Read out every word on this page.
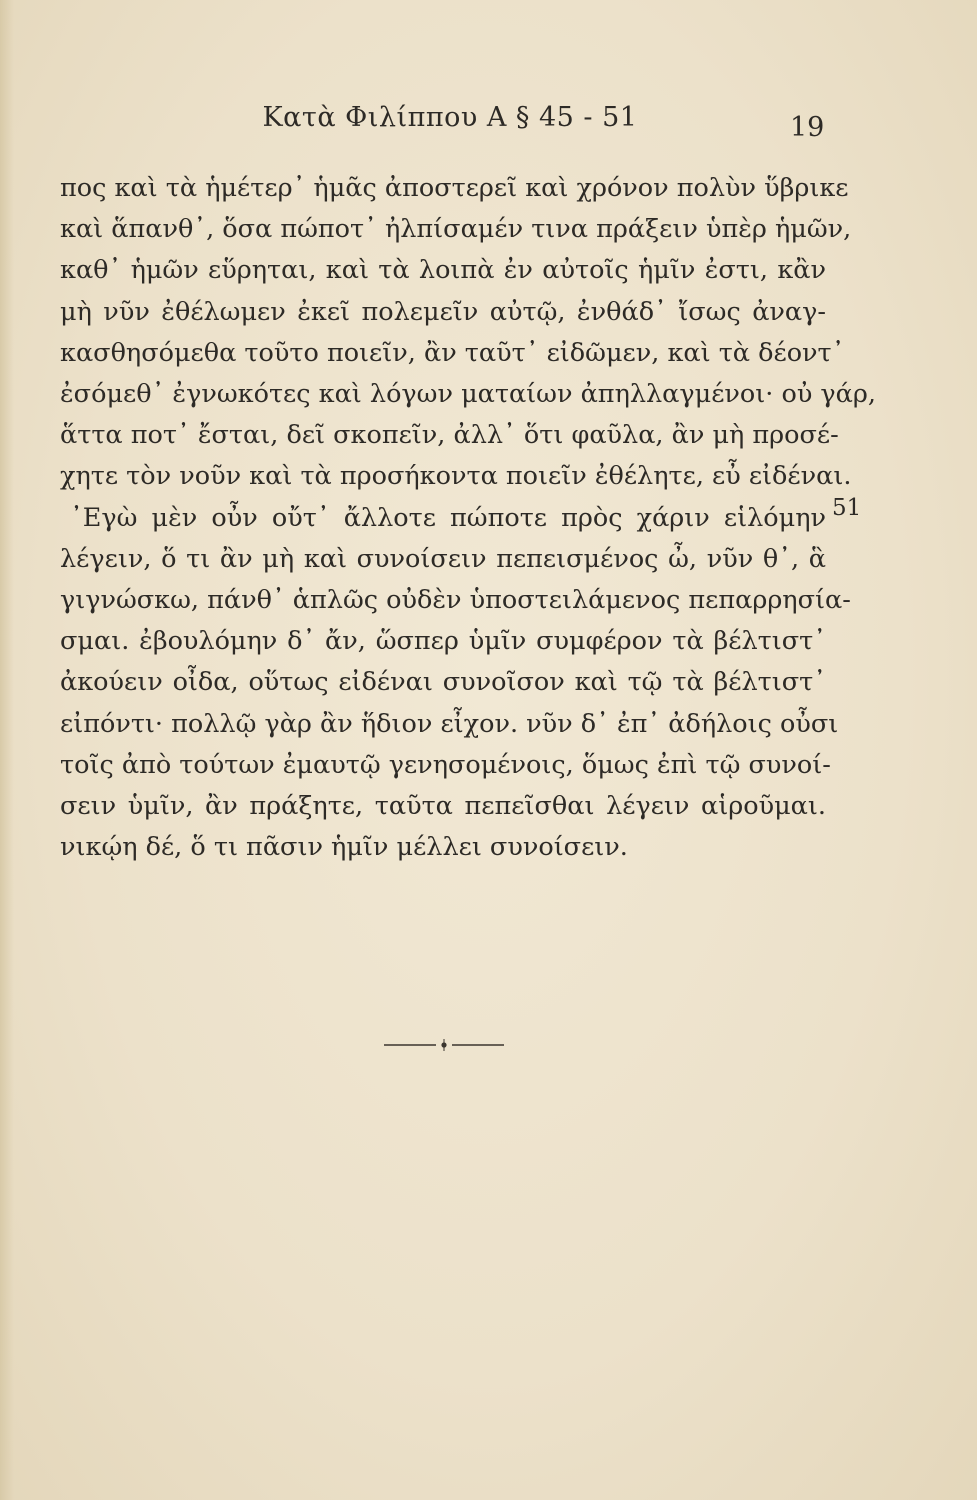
Κατὰ Φιλίππου Α § 45 - 51	19
πος καὶ τὰ ἡμέτερ᾽ ἡμᾶς ἀποστερεῖ καὶ χρόνον πολὺν ὕβρικε
καὶ ἅπανθ᾽, ὅσα πώποτ᾽ ἠλπίσαμέν τινα πράξειν ὑπὲρ ἡμῶν,
καθ᾽ ἡμῶν εὕρηται, καὶ τὰ λοιπὰ ἐν αὐτοῖς ἡμῖν ἐστι, κἂν
μὴ νῦν ἐθέλωμεν ἐκεῖ πολεμεῖν αὐτῷ, ἐνθάδ᾽ ἴσως ἀναγ-
κασθησόμεθα τοῦτο ποιεῖν, ἂν ταῦτ᾽ εἰδῶμεν, καὶ τὰ δέοντ᾽
ἐσόμεθ᾽ ἐγνωκότες καὶ λόγων ματαίων ἀπηλλαγμένοι· οὐ γάρ,
ἅττα ποτ᾽ ἔσται, δεῖ σκοπεῖν, ἀλλ᾽ ὅτι φαῦλα, ἂν μὴ προσέ-
χητε τὸν νοῦν καὶ τὰ προσήκοντα ποιεῖν ἐθέλητε, εὖ εἰδέναι.
᾽Εγὼ μὲν οὖν οὔτ᾽ ἄλλοτε πώποτε πρὸς χάριν εἱλόμην
λέγειν, ὅ τι ἂν μὴ καὶ συνοίσειν πεπεισμένος ὦ, νῦν θ᾽, ἃ
γιγνώσκω, πάνθ᾽ ἁπλῶς οὐδὲν ὑποστειλάμενος πεπαρρησία-
σμαι. ἐβουλόμην δ᾽ ἄν, ὥσπερ ὑμῖν συμφέρον τὰ βέλτιστ᾽
ἀκούειν οἶδα, οὕτως εἰδέναι συνοῖσον καὶ τῷ τὰ βέλτιστ᾽
εἰπόντι· πολλῷ γὰρ ἂν ἥδιον εἶχον. νῦν δ᾽ ἐπ᾽ ἀδήλοις οὖσι
τοῖς ἀπὸ τούτων ἐμαυτῷ γενησομένοις, ὅμως ἐπὶ τῷ συνοί-
σειν ὑμῖν, ἂν πράξητε, ταῦτα πεπεῖσθαι λέγειν αἱροῦμαι.
νικῴη δέ, ὅ τι πᾶσιν ἡμῖν μέλλει συνοίσειν.
51
